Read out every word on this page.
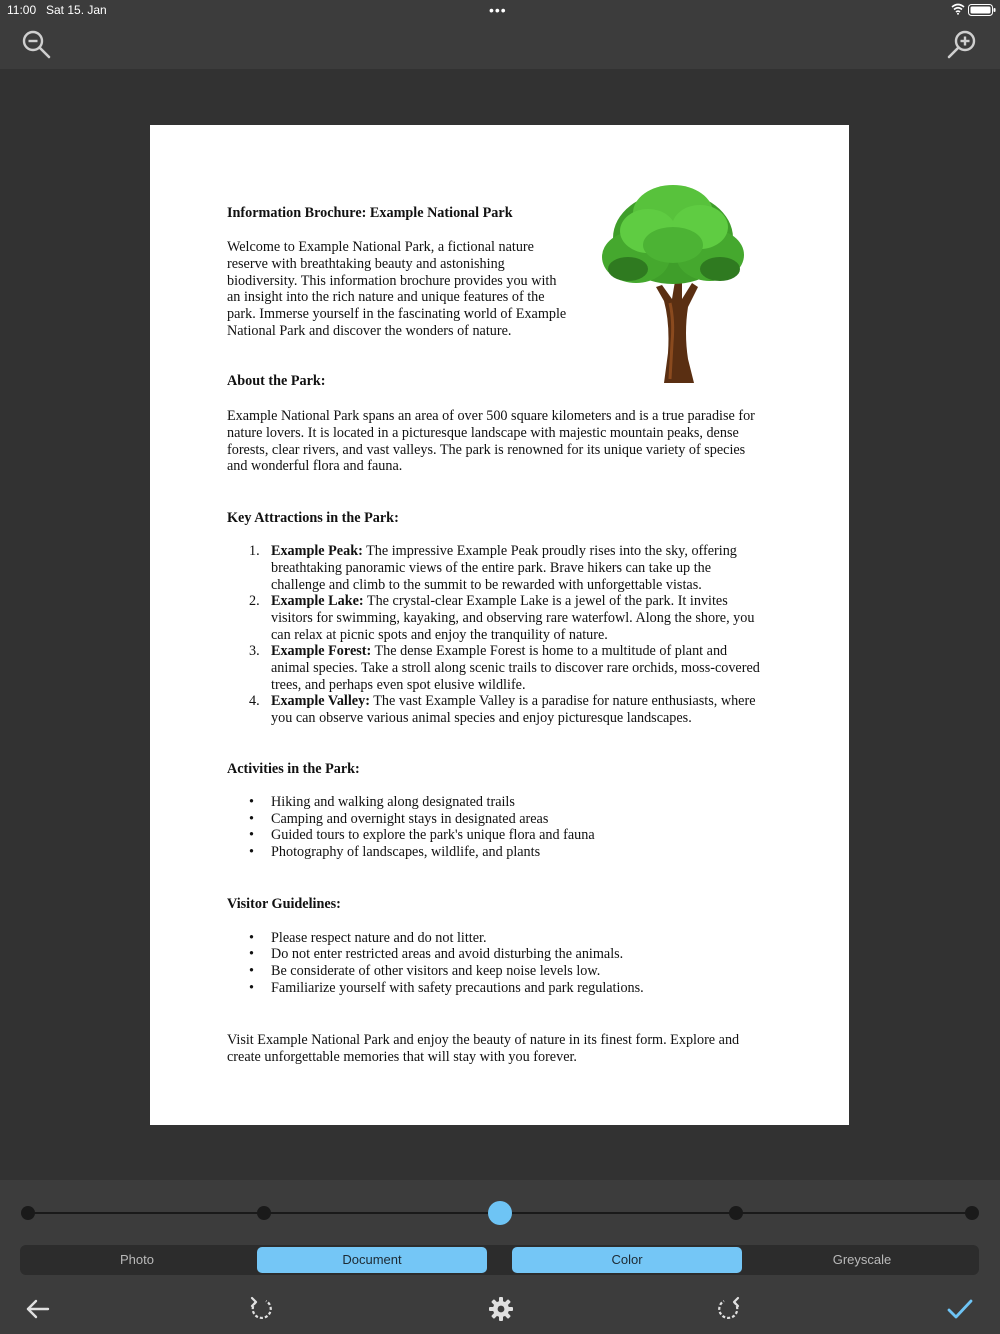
11:00 Sat 15. Jan	•••

Information Brochure: Example National Park

Welcome to Example National Park, a fictional nature
reserve with breathtaking beauty and astonishing
biodiversity. This information brochure provides you with
an insight into the rich nature and unique features of the
park. Immerse yourself in the fascinating world of Example
National Park and discover the wonders of nature.

About the Park:

Example National Park spans an area of over 500 square kilometers and is a true paradise for
nature lovers. It is located in a picturesque landscape with majestic mountain peaks, dense
forests, clear rivers, and vast valleys. The park is renowned for its unique variety of species
and wonderful flora and fauna.

Key Attractions in the Park:

1. Example Peak: The impressive Example Peak proudly rises into the sky, offering
breathtaking panoramic views of the entire park. Brave hikers can take up the
challenge and climb to the summit to be rewarded with unforgettable vistas.
2. Example Lake: The crystal-clear Example Lake is a jewel of the park. It invites
visitors for swimming, kayaking, and observing rare waterfowl. Along the shore, you
can relax at picnic spots and enjoy the tranquility of nature.
3. Example Forest: The dense Example Forest is home to a multitude of plant and
animal species. Take a stroll along scenic trails to discover rare orchids, moss-covered
trees, and perhaps even spot elusive wildlife.
4. Example Valley: The vast Example Valley is a paradise for nature enthusiasts, where
you can observe various animal species and enjoy picturesque landscapes.

Activities in the Park:

• Hiking and walking along designated trails
• Camping and overnight stays in designated areas
• Guided tours to explore the park's unique flora and fauna
• Photography of landscapes, wildlife, and plants

Visitor Guidelines:

• Please respect nature and do not litter.
• Do not enter restricted areas and avoid disturbing the animals.
• Be considerate of other visitors and keep noise levels low.
• Familiarize yourself with safety precautions and park regulations.
Visit Example National Park and enjoy the beauty of nature in its finest form. Explore and
create unforgettable memories that will stay with you forever.
Photo	Document	Color	Greyscale
